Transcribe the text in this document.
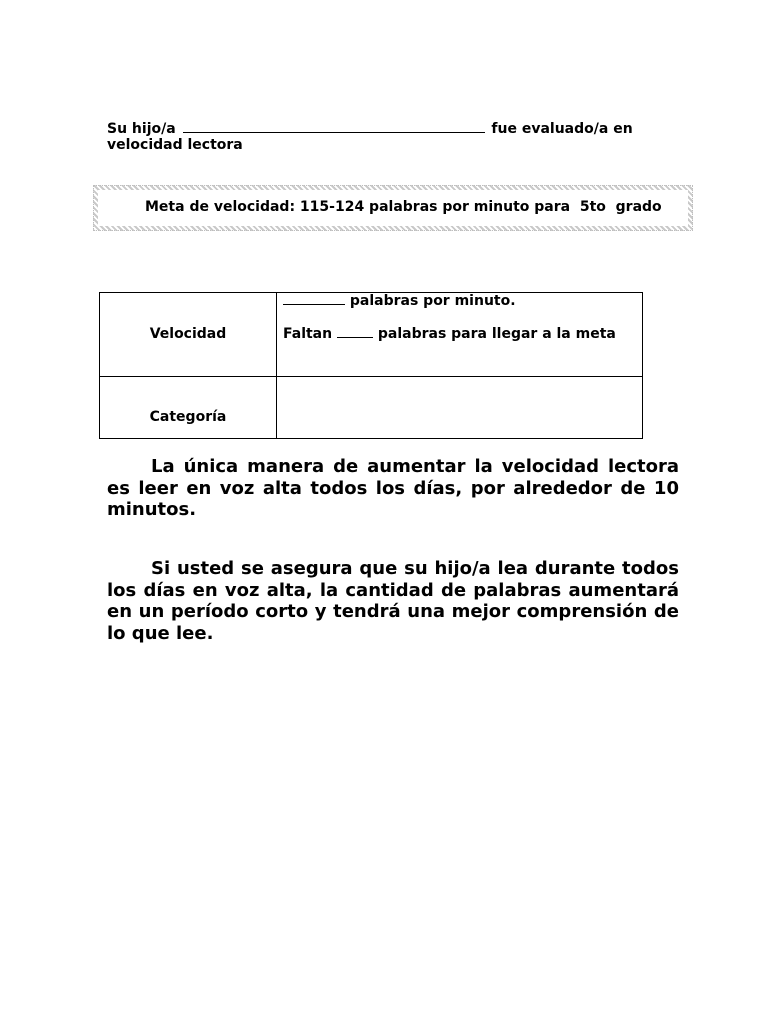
Su hijo/a	fue evaluado/a en
velocidad lectora

Meta de velocidad: 115-124 palabras por minuto para  5to  grado

Velocidad	palabras por minuto.
Faltan palabras para llegar a la meta

Categoría	

La única manera de aumentar la velocidad lectora es leer en voz alta todos los días, por alrededor de 10 minutos.

Si usted se asegura que su hijo/a lea durante todos los días en voz alta, la cantidad de palabras aumentará en un período corto y tendrá una mejor comprensión de lo que lee.
